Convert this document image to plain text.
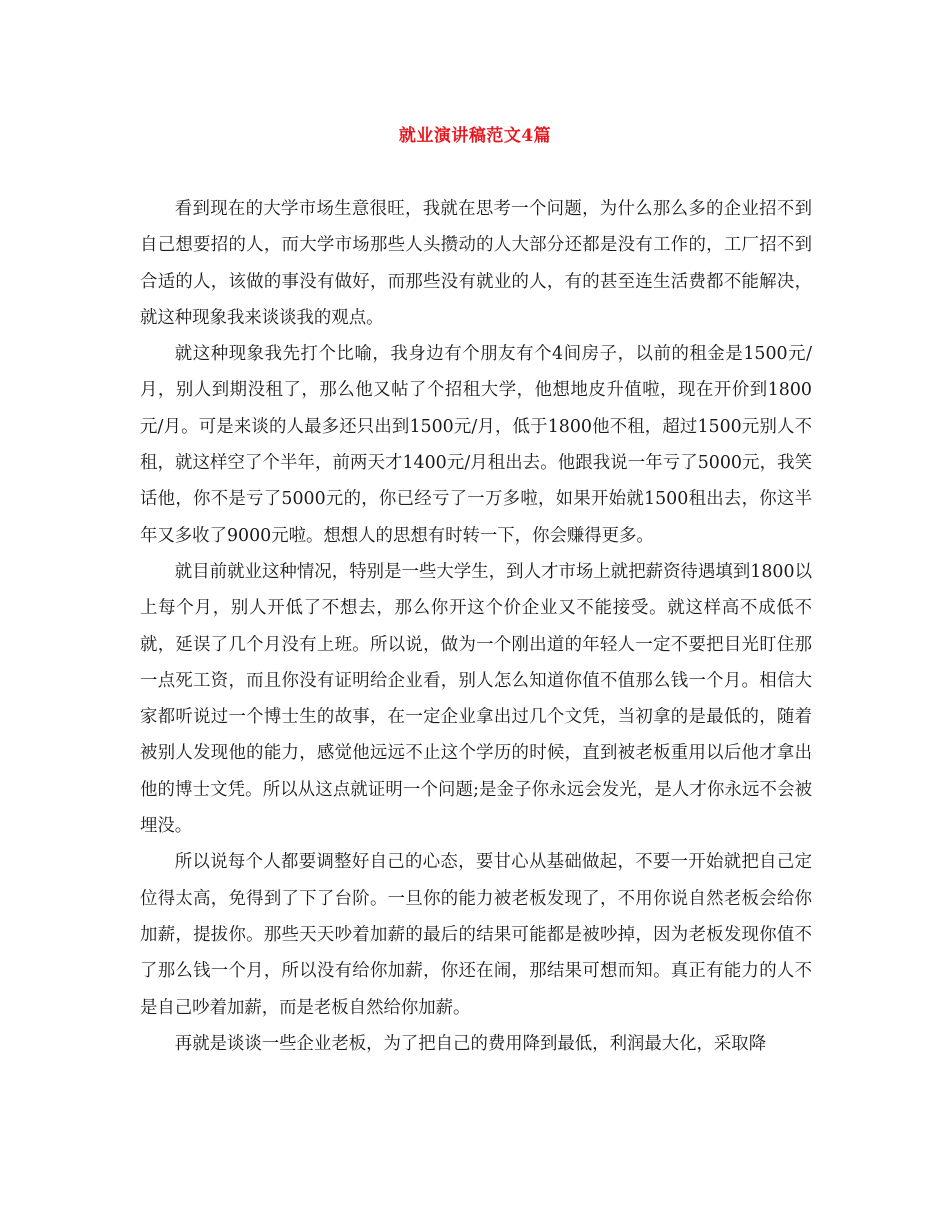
就业演讲稿范文4篇

看到现在的大学市场生意很旺，我就在思考一个问题，为什么那么多的企业招不到自己想要招的人，而大学市场那些人头攒动的人大部分还都是没有工作的，工厂招不到合适的人，该做的事没有做好，而那些没有就业的人，有的甚至连生活费都不能解决，就这种现象我来谈谈我的观点。

就这种现象我先打个比喻，我身边有个朋友有个4间房子，以前的租金是1500元/月，别人到期没租了，那么他又帖了个招租大学，他想地皮升值啦，现在开价到1800元/月。可是来谈的人最多还只出到1500元/月，低于1800他不租，超过1500元别人不租，就这样空了个半年，前两天才1400元/月租出去。他跟我说一年亏了5000元，我笑话他，你不是亏了5000元的，你已经亏了一万多啦，如果开始就1500租出去，你这半年又多收了9000元啦。想想人的思想有时转一下，你会赚得更多。

就目前就业这种情况，特别是一些大学生，到人才市场上就把薪资待遇填到1800以上每个月，别人开低了不想去，那么你开这个价企业又不能接受。就这样高不成低不就，延误了几个月没有上班。所以说，做为一个刚出道的年轻人一定不要把目光盯住那一点死工资，而且你没有证明给企业看，别人怎么知道你值不值那么钱一个月。相信大家都听说过一个博士生的故事，在一定企业拿出过几个文凭，当初拿的是最低的，随着被别人发现他的能力，感觉他远远不止这个学历的时候，直到被老板重用以后他才拿出他的博士文凭。所以从这点就证明一个问题;是金子你永远会发光，是人才你永远不会被埋没。

所以说每个人都要调整好自己的心态，要甘心从基础做起，不要一开始就把自己定位得太高，免得到了下了台阶。一旦你的能力被老板发现了，不用你说自然老板会给你加薪，提拔你。那些天天吵着加薪的最后的结果可能都是被吵掉，因为老板发现你值不了那么钱一个月，所以没有给你加薪，你还在闹，那结果可想而知。真正有能力的人不是自己吵着加薪，而是老板自然给你加薪。

再就是谈谈一些企业老板，为了把自己的费用降到最低，利润最大化，采取降
